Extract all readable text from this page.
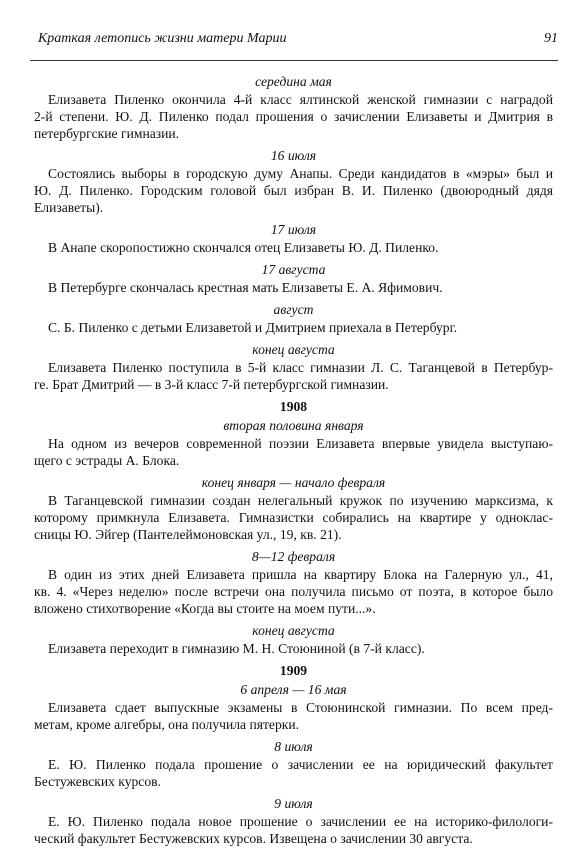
Краткая летопись жизни матери Марии	91
середина мая
Елизавета Пиленко окончила 4-й класс ялтинской женской гимназии с наградой
2-й степени. Ю. Д. Пиленко подал прошения о зачислении Елизаветы и Дмитрия в
петербургские гимназии.
16 июля
Состоялись выборы в городскую думу Анапы. Среди кандидатов в «мэры» был и
Ю. Д. Пиленко. Городским головой был избран В. И. Пиленко (двоюродный дядя
Елизаветы).
17 июля
В Анапе скоропостижно скончался отец Елизаветы Ю. Д. Пиленко.
17 августа
В Петербурге скончалась крестная мать Елизаветы Е. А. Яфимович.
август
С. Б. Пиленко с детьми Елизаветой и Дмитрием приехала в Петербург.
конец августа
Елизавета Пиленко поступила в 5-й класс гимназии Л. С. Таганцевой в Петербур-
ге. Брат Дмитрий — в 3-й класс 7-й петербургской гимназии.
1908
вторая половина января
На одном из вечеров современной поэзии Елизавета впервые увидела выступаю-
щего с эстрады А. Блока.
конец января — начало февраля
В Таганцевской гимназии создан нелегальный кружок по изучению марксизма, к
которому примкнула Елизавета. Гимназистки собирались на квартире у одноклас-
сницы Ю. Эйгер (Пантелеймоновская ул., 19, кв. 21).
8—12 февраля
В один из этих дней Елизавета пришла на квартиру Блока на Галерную ул., 41,
кв. 4. «Через неделю» после встречи она получила письмо от поэта, в которое было
вложено стихотворение «Когда вы стоите на моем пути...».
конец августа
Елизавета переходит в гимназию М. Н. Стоюниной (в 7-й класс).
1909
6 апреля — 16 мая
Елизавета сдает выпускные экзамены в Стоюнинской гимназии. По всем пред-
метам, кроме алгебры, она получила пятерки.
8 июля
Е. Ю. Пиленко подала прошение о зачислении ее на юридический факультет
Бестужевских курсов.
9 июля
Е. Ю. Пиленко подала новое прошение о зачислении ее на историко-филологи-
ческий факультет Бестужевских курсов. Извещена о зачислении 30 августа.
